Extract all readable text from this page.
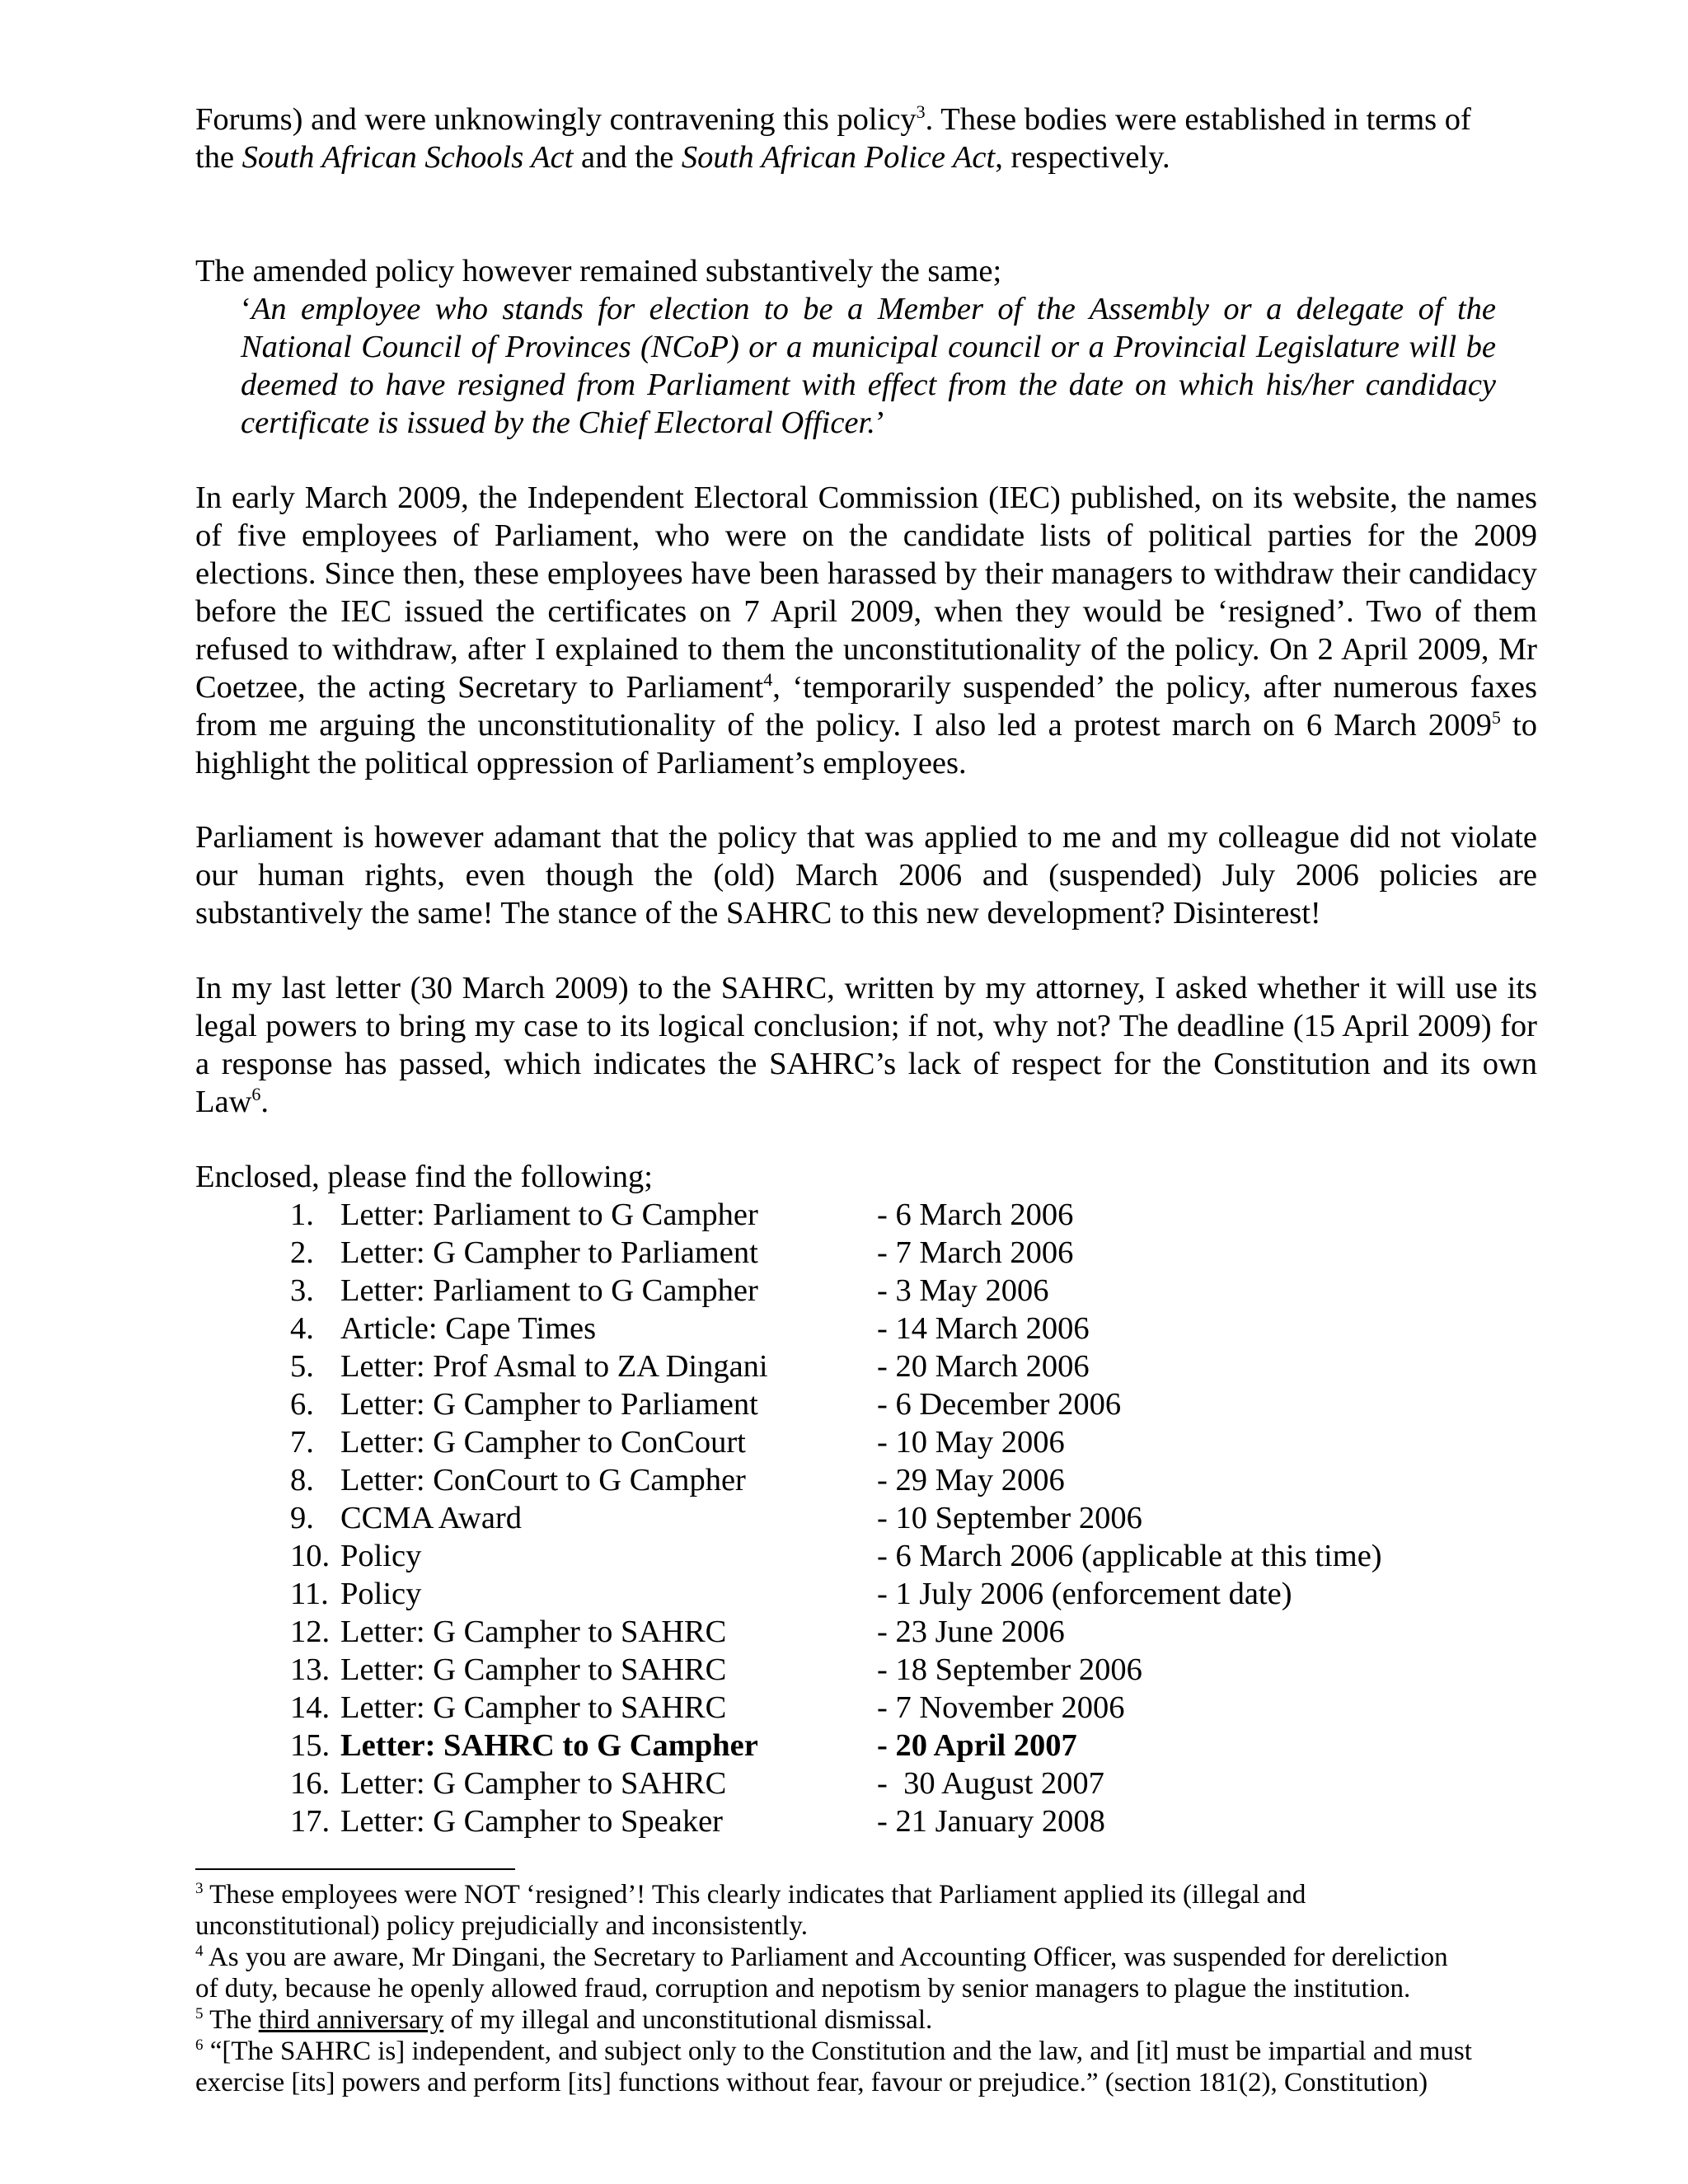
Forums) and were unknowingly contravening this policy$^3$. These bodies were established in terms of
the South African Schools Act and the South African Police Act, respectively.

The amended policy however remained substantively the same;

‘An employee who stands for election to be a Member of the Assembly or a delegate of the National Council of Provinces (NCoP) or a municipal council or a Provincial Legislature will be deemed to have resigned from Parliament with effect from the date on which his/her candidacy certificate is issued by the Chief Electoral Officer.’

In early March 2009, the Independent Electoral Commission (IEC) published, on its website, the names of five employees of Parliament, who were on the candidate lists of political parties for the 2009 elections. Since then, these employees have been harassed by their managers to withdraw their candidacy before the IEC issued the certificates on 7 April 2009, when they would be ‘resigned’. Two of them refused to withdraw, after I explained to them the unconstitutionality of the policy. On 2 April 2009, Mr Coetzee, the acting Secretary to Parliament$^4$, ‘temporarily suspended’ the policy, after numerous faxes from me arguing the unconstitutionality of the policy. I also led a protest march on 6 March 2009$^5$ to highlight the political oppression of Parliament’s employees.

Parliament is however adamant that the policy that was applied to me and my colleague did not violate our human rights, even though the (old) March 2006 and (suspended) July 2006 policies are substantively the same! The stance of the SAHRC to this new development? Disinterest!

In my last letter (30 March 2009) to the SAHRC, written by my attorney, I asked whether it will use its legal powers to bring my case to its logical conclusion; if not, why not? The deadline (15 April 2009) for a response has passed, which indicates the SAHRC’s lack of respect for the Constitution and its own Law$^6$.

Enclosed, please find the following;

1. Letter: Parliament to G Campher	- 6 March 2006
2. Letter: G Campher to Parliament	- 7 March 2006
3. Letter: Parliament to G Campher	- 3 May 2006
4. Article: Cape Times	- 14 March 2006
5. Letter: Prof Asmal to ZA Dingani	- 20 March 2006
6. Letter: G Campher to Parliament	- 6 December 2006
7. Letter: G Campher to ConCourt	- 10 May 2006
8. Letter: ConCourt to G Campher	- 29 May 2006
9. CCMA Award	- 10 September 2006
10. Policy	- 6 March 2006 (applicable at this time)
11. Policy	- 1 July 2006 (enforcement date)
12. Letter: G Campher to SAHRC	- 23 June 2006
13. Letter: G Campher to SAHRC	- 18 September 2006
14. Letter: G Campher to SAHRC	- 7 November 2006
15. Letter: SAHRC to G Campher	- 20 April 2007
16. Letter: G Campher to SAHRC	-  30 August 2007
17. Letter: G Campher to Speaker	- 21 January 2008

$^3$ These employees were NOT ‘resigned’! This clearly indicates that Parliament applied its (illegal and
unconstitutional) policy prejudicially and inconsistently.

$^4$ As you are aware, Mr Dingani, the Secretary to Parliament and Accounting Officer, was suspended for dereliction
of duty, because he openly allowed fraud, corruption and nepotism by senior managers to plague the institution.

$^5$ The third anniversary of my illegal and unconstitutional dismissal.

$^6$ “[The SAHRC is] independent, and subject only to the Constitution and the law, and [it] must be impartial and must
exercise [its] powers and perform [its] functions without fear, favour or prejudice.” (section 181(2), Constitution)
